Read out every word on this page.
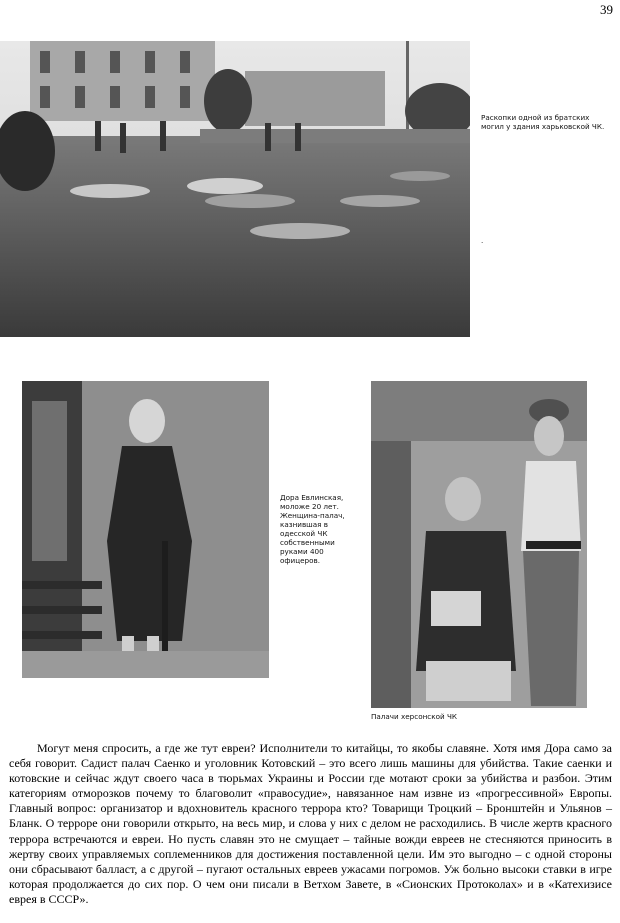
39
Раскопки одной из братских могил у здания харьковской ЧК.
.
Дора Евлинская, моложе 20 лет. Женщина-палач, казнившая в одесской ЧК собственными руками 400 офицеров.
Палачи херсонской ЧК

Могут меня спросить, а где же тут евреи? Исполнители то китайцы, то якобы славяне. Хотя имя Дора само за себя говорит. Садист палач Саенко и уголовник Котовский – это всего лишь машины для убийства. Такие саенки и котовские и сейчас ждут своего часа в тюрьмах Украины и России где мотают сроки за убийства и разбои. Этим категориям отморозков почему то благоволит «правосудие», навязанное нам извне из «прогрессивной» Европы. Главный вопрос: организатор и вдохновитель красного террора кто? Товарищи Троцкий – Бронштейн и Ульянов – Бланк. О терроре они говорили открыто, на весь мир, и слова у них с делом не расходились. В числе жертв красного террора встречаются и евреи. Но пусть славян это не смущает – тайные вожди евреев не стесняются приносить в жертву своих управляемых соплеменников для достижения поставленной цели. Им это выгодно – с одной стороны они сбрасывают балласт, а с другой – пугают остальных евреев ужасами погромов. Уж больно высоки ставки в игре которая продолжается до сих пор. О чем они писали в Ветхом Завете, в «Сионских Протоколах» и в «Катехизисе еврея в СССР».
